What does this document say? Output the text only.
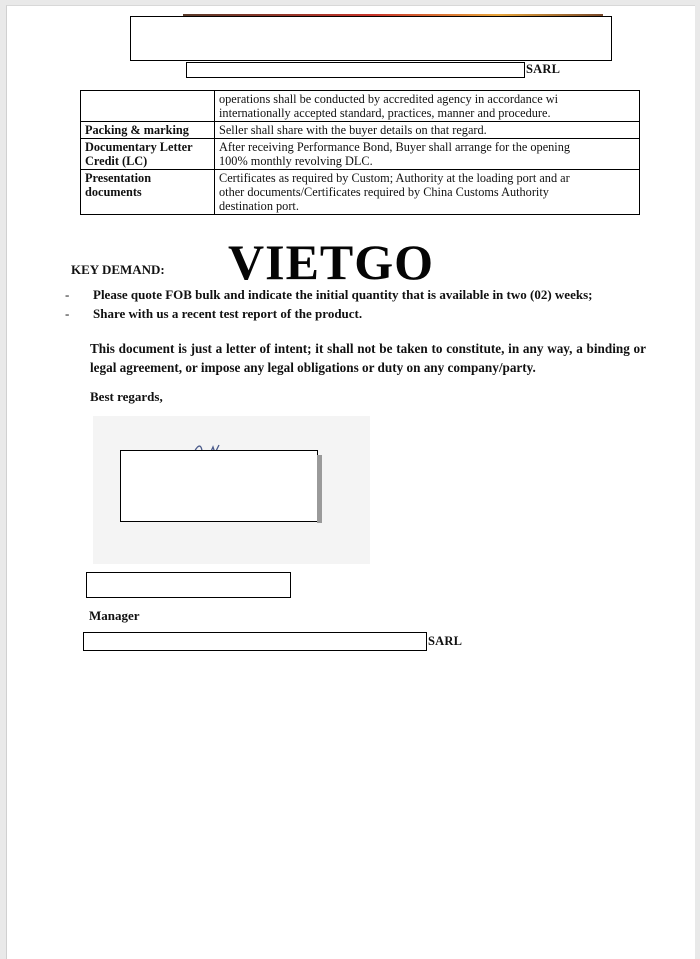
SARL

	operations shall be conducted by accredited agency in accordance wi
internationally accepted standard, practices, manner and procedure.

Packing & marking	Seller shall share with the buyer details on that regard.

Documentary Letter
Credit (LC)	After receiving Performance Bond, Buyer shall arrange for the opening
100% monthly revolving DLC.

Presentation
documents	Certificates as required by Custom; Authority at the loading port and ar
other documents/Certificates required by China Customs Authority
destination port.
KEY DEMAND: VIETGO
- Please quote FOB bulk and indicate the initial quantity that is available in two (02) weeks;
- Share with us a recent test report of the product.
This document is just a letter of intent; it shall not be taken to constitute, in any way, a binding or legal agreement, or impose any legal obligations or duty on any company/party.
Best regards,
Manager
SARL
